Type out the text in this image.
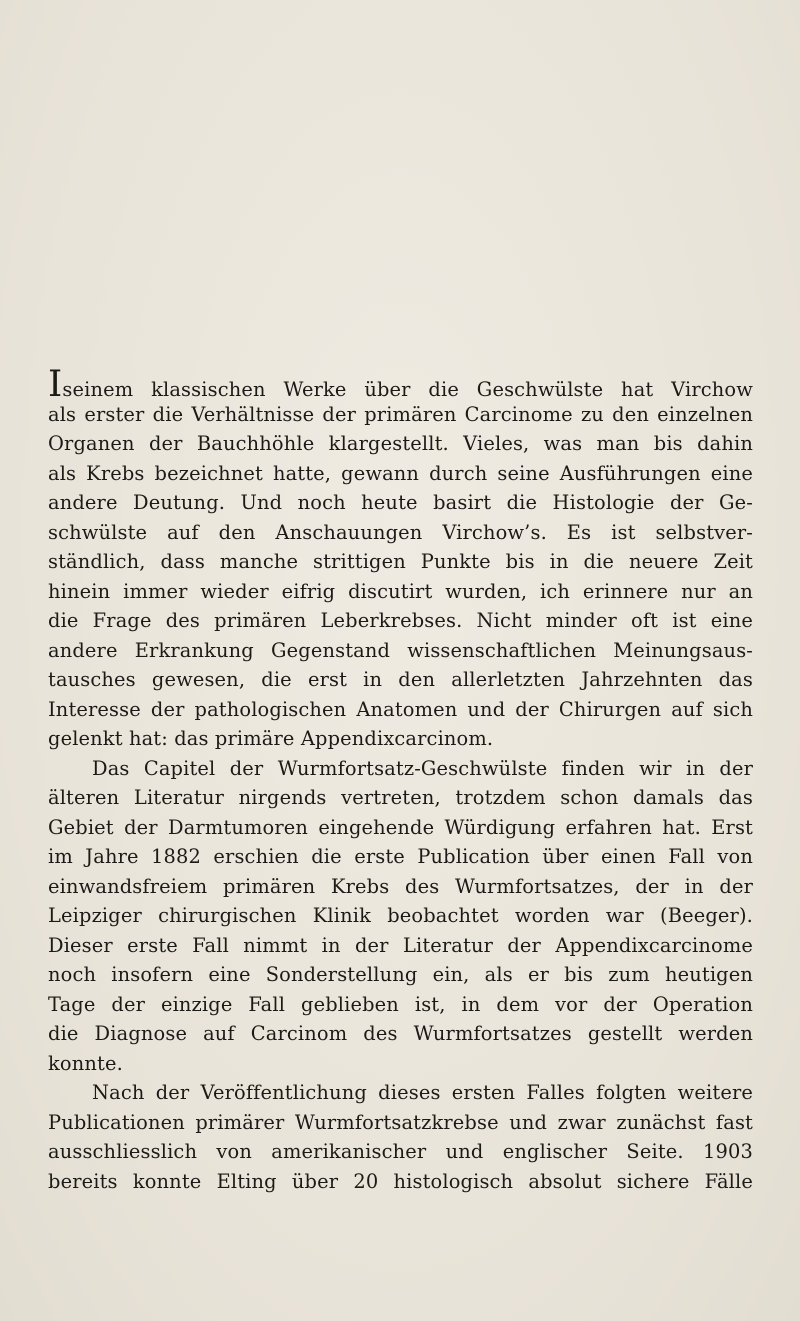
Iseinem klassischen Werke über die Geschwülste hat Virchow
als erster die Verhältnisse der primären Carcinome zu den einzelnen
Organen der Bauchhöhle klargestellt. Vieles, was man bis dahin
als Krebs bezeichnet hatte, gewann durch seine Ausführungen eine
andere Deutung. Und noch heute basirt die Histologie der Ge-
schwülste auf den Anschauungen Virchow’s. Es ist selbstver-
ständlich, dass manche strittigen Punkte bis in die neuere Zeit
hinein immer wieder eifrig discutirt wurden, ich erinnere nur an
die Frage des primären Leberkrebses. Nicht minder oft ist eine
andere Erkrankung Gegenstand wissenschaftlichen Meinungsaus-
tausches gewesen, die erst in den allerletzten Jahrzehnten das
Interesse der pathologischen Anatomen und der Chirurgen auf sich
gelenkt hat: das primäre Appendixcarcinom.
Das Capitel der Wurmfortsatz-Geschwülste finden wir in der
älteren Literatur nirgends vertreten, trotzdem schon damals das
Gebiet der Darmtumoren eingehende Würdigung erfahren hat. Erst
im Jahre 1882 erschien die erste Publication über einen Fall von
einwandsfreiem primären Krebs des Wurmfortsatzes, der in der
Leipziger chirurgischen Klinik beobachtet worden war (Beeger).
Dieser erste Fall nimmt in der Literatur der Appendixcarcinome
noch insofern eine Sonderstellung ein, als er bis zum heutigen
Tage der einzige Fall geblieben ist, in dem vor der Operation
die Diagnose auf Carcinom des Wurmfortsatzes gestellt werden
konnte.
Nach der Veröffentlichung dieses ersten Falles folgten weitere
Publicationen primärer Wurmfortsatzkrebse und zwar zunächst fast
ausschliesslich von amerikanischer und englischer Seite. 1903
bereits konnte Elting über 20 histologisch absolut sichere Fälle
